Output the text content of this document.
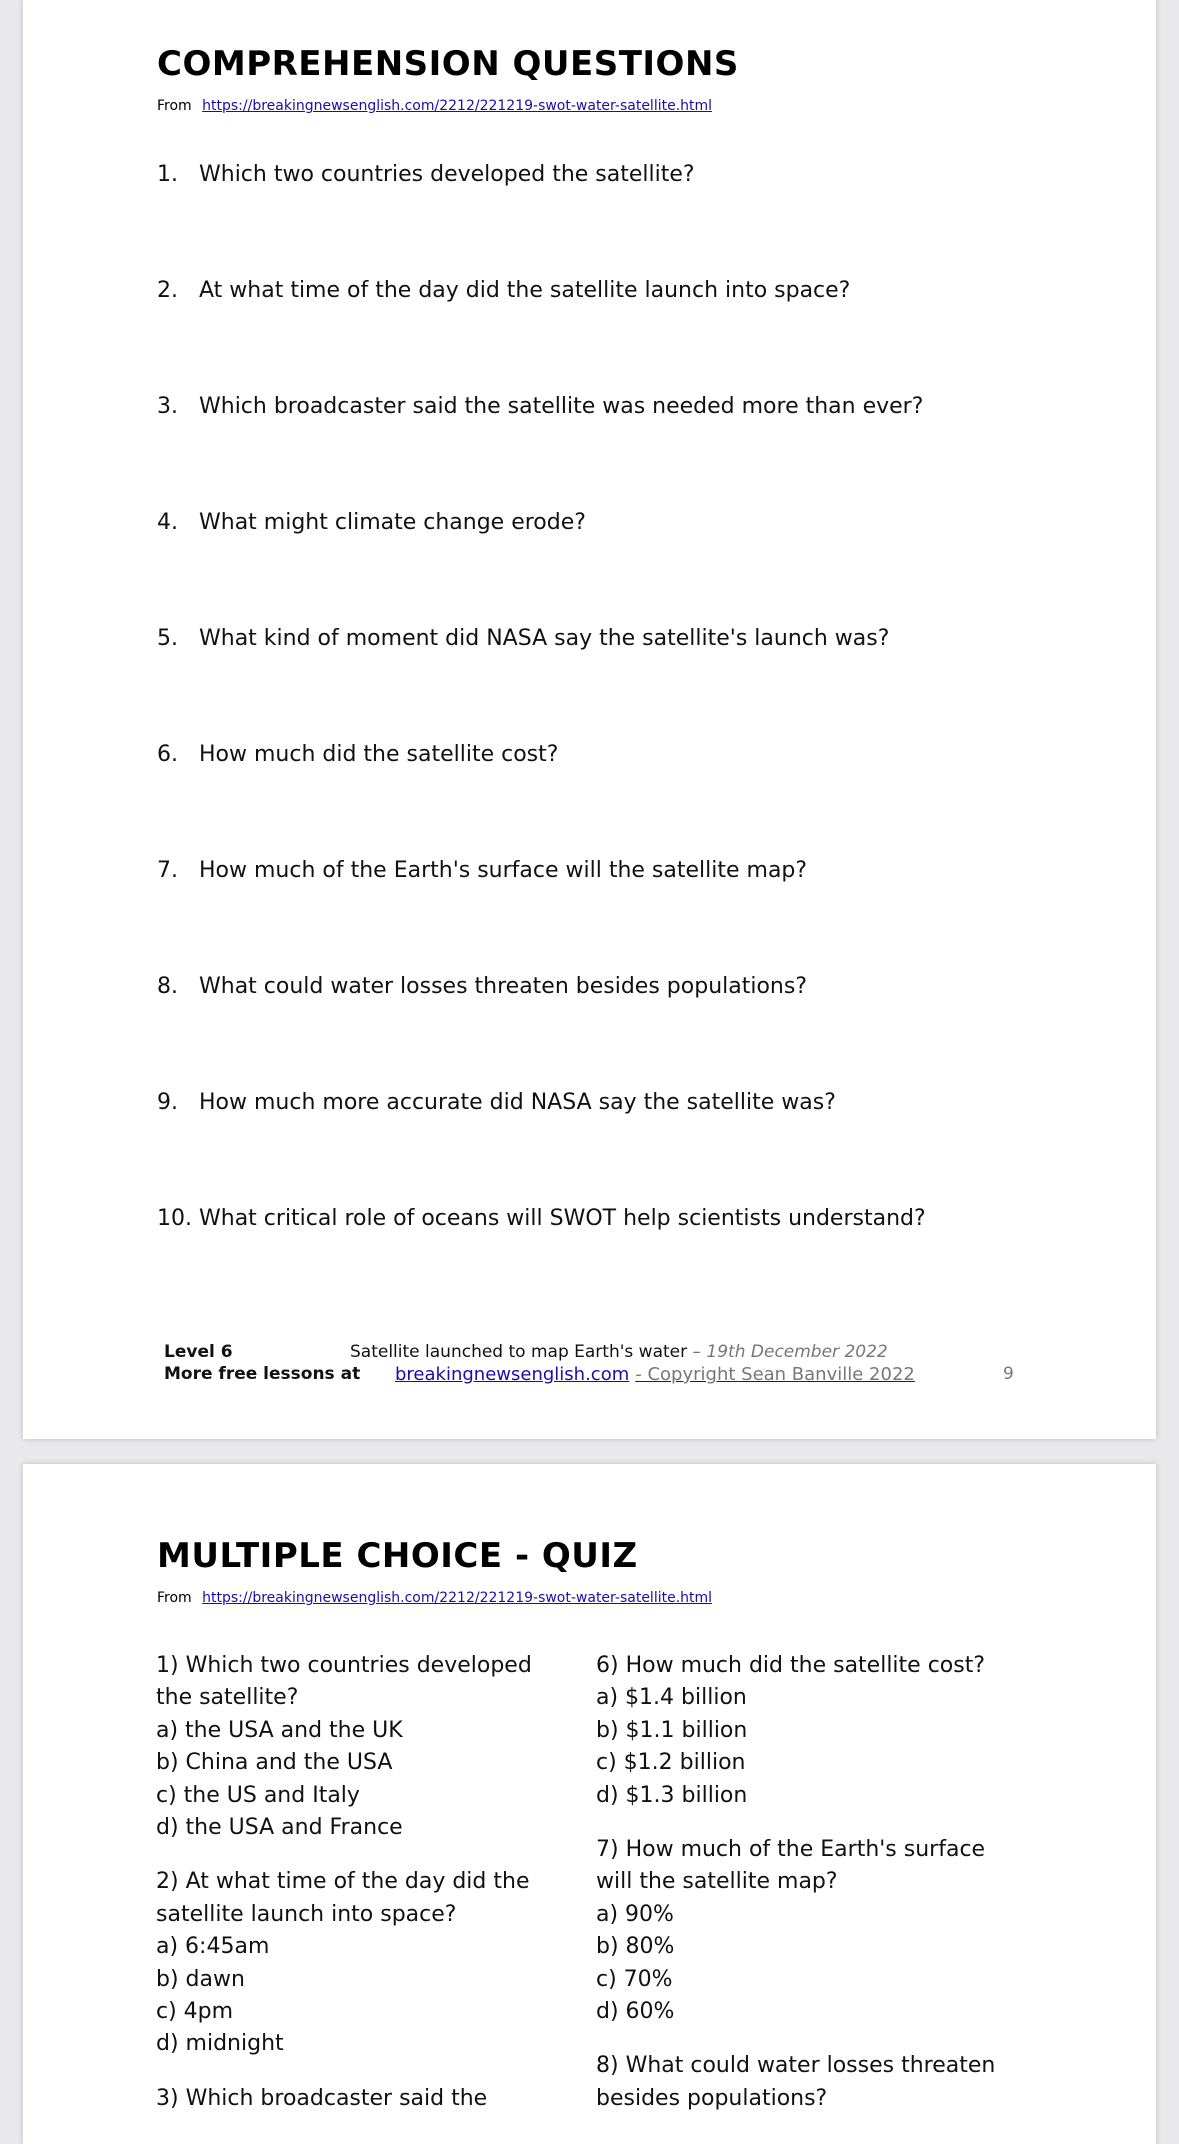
COMPREHENSION QUESTIONS
From https://breakingnewsenglish.com/2212/221219-swot-water-satellite.html
1. Which two countries developed the satellite?
2. At what time of the day did the satellite launch into space?
3. Which broadcaster said the satellite was needed more than ever?
4. What might climate change erode?
5. What kind of moment did NASA say the satellite's launch was?
6. How much did the satellite cost?
7. How much of the Earth's surface will the satellite map?
8. What could water losses threaten besides populations?
9. How much more accurate did NASA say the satellite was?
10. What critical role of oceans will SWOT help scientists understand?
Level 6	Satellite launched to map Earth's water – 19th December 2022
More free lessons at breakingnewsenglish.com - Copyright Sean Banville 2022	9
MULTIPLE CHOICE - QUIZ
From https://breakingnewsenglish.com/2212/221219-swot-water-satellite.html
1) Which two countries developed the satellite?
a) the USA and the UK
b) China and the USA
c) the US and Italy
d) the USA and France
2) At what time of the day did the satellite launch into space?
a) 6:45am
b) dawn
c) 4pm
d) midnight
3) Which broadcaster said the
6) How much did the satellite cost?
a) $1.4 billion
b) $1.1 billion
c) $1.2 billion
d) $1.3 billion
7) How much of the Earth's surface will the satellite map?
a) 90%
b) 80%
c) 70%
d) 60%
8) What could water losses threaten besides populations?
